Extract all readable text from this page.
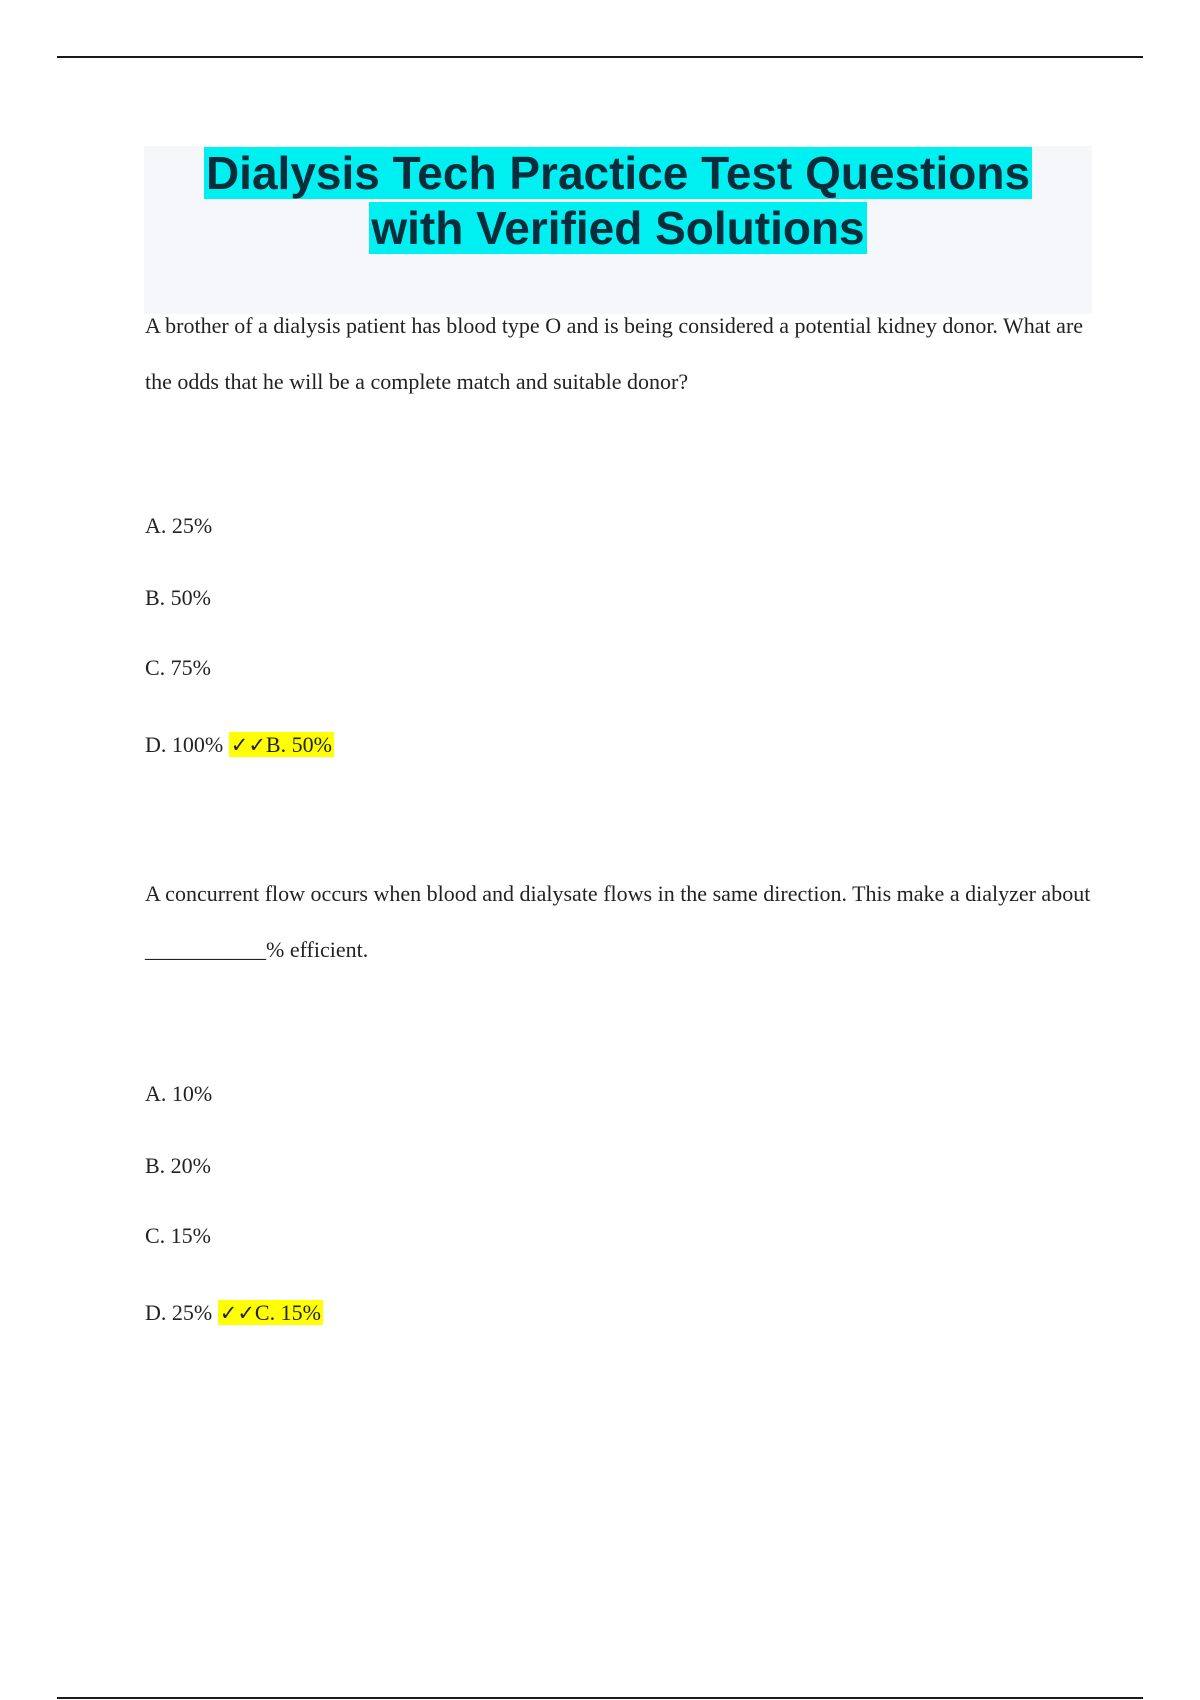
Dialysis Tech Practice Test Questions
with Verified Solutions

A brother of a dialysis patient has blood type O and is being considered a potential kidney donor. What are the odds that he will be a complete match and suitable donor?

A. 25%

B. 50%

C. 75%

D. 100% ✓✓B. 50%

A concurrent flow occurs when blood and dialysate flows in the same direction. This make a dialyzer about ___________% efficient.

A. 10%

B. 20%

C. 15%

D. 25% ✓✓C. 15%
